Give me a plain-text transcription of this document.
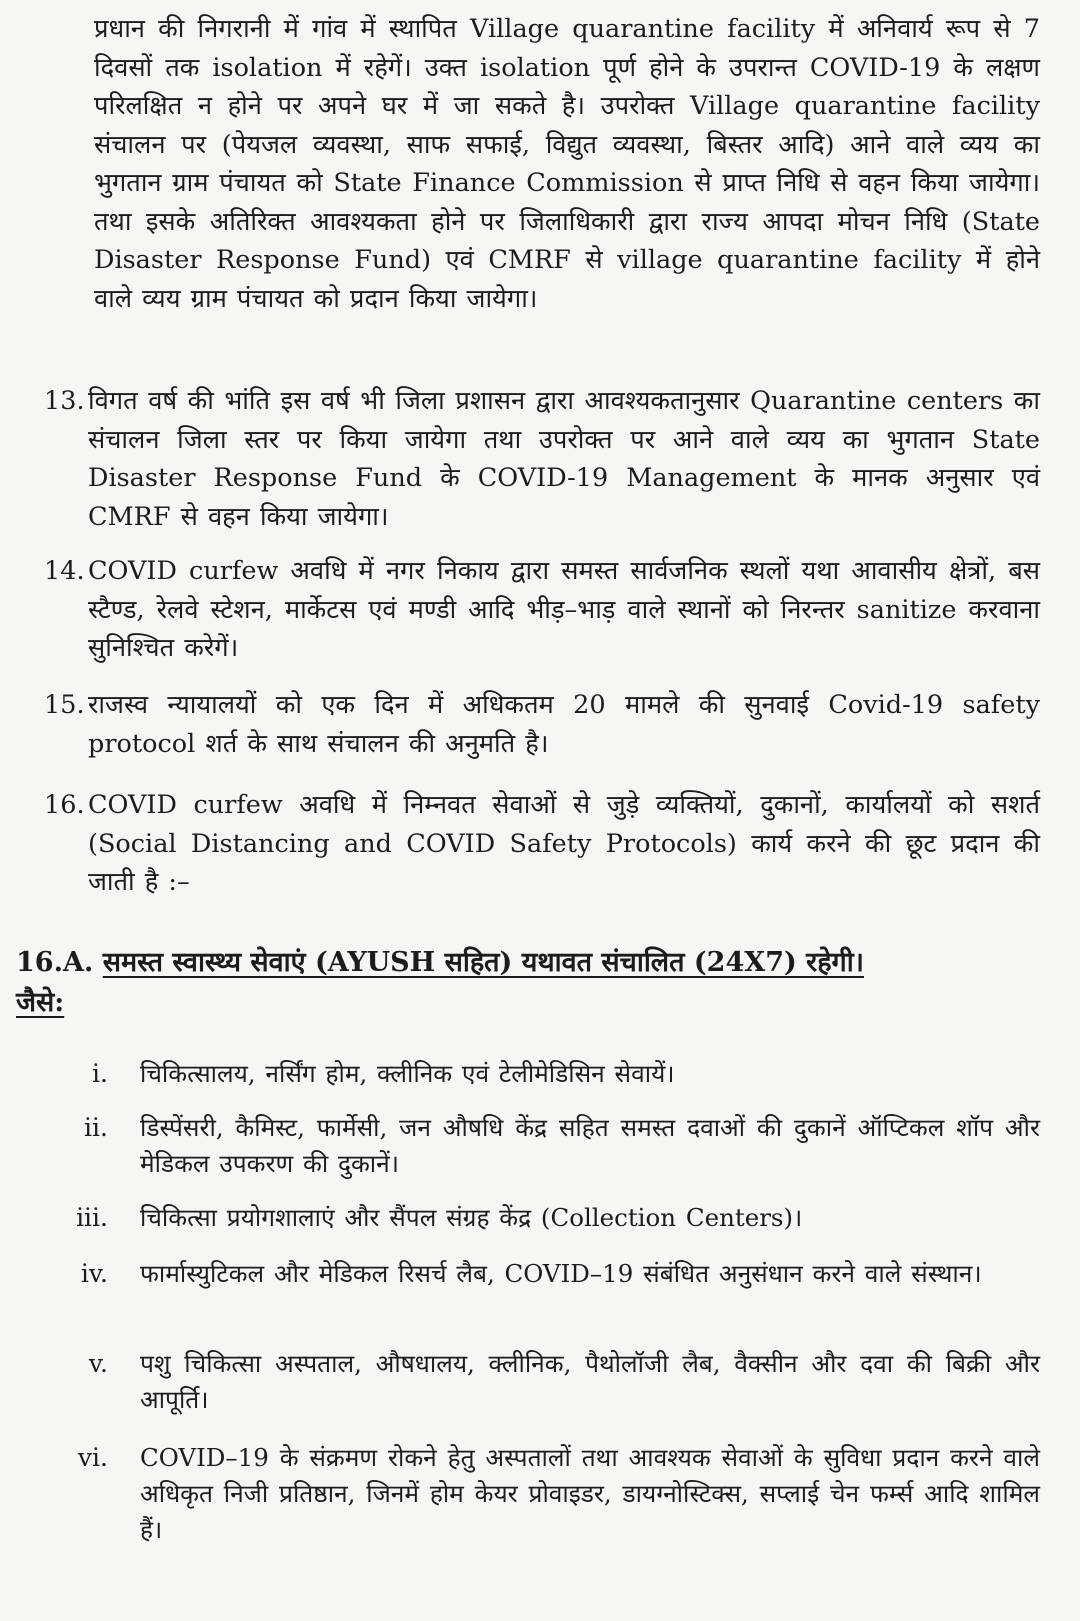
प्रधान की निगरानी में गांव में स्थापित Village quarantine facility में अनिवार्य रूप से 7 दिवसों तक isolation में रहेगें। उक्त isolation पूर्ण होने के उपरान्त COVID-19 के लक्षण परिलक्षित न होने पर अपने घर में जा सकते है। उपरोक्त Village quarantine facility संचालन पर (पेयजल व्यवस्था, साफ सफाई, विद्युत व्यवस्था, बिस्तर आदि) आने वाले व्यय का भुगतान ग्राम पंचायत को State Finance Commission से प्राप्त निधि से वहन किया जायेगा। तथा इसके अतिरिक्त आवश्यकता होने पर जिलाधिकारी द्वारा राज्य आपदा मोचन निधि (State Disaster Response Fund) एवं CMRF से village quarantine facility में होने वाले व्यय ग्राम पंचायत को प्रदान किया जायेगा।

13. विगत वर्ष की भांति इस वर्ष भी जिला प्रशासन द्वारा आवश्यकतानुसार Quarantine centers का संचालन जिला स्तर पर किया जायेगा तथा उपरोक्त पर आने वाले व्यय का भुगतान State Disaster Response Fund के COVID-19 Management के मानक अनुसार एवं CMRF से वहन किया जायेगा।

14. COVID curfew अवधि में नगर निकाय द्वारा समस्त सार्वजनिक स्थलों यथा आवासीय क्षेत्रों, बस स्टैण्ड, रेलवे स्टेशन, मार्केटस एवं मण्डी आदि भीड़–भाड़ वाले स्थानों को निरन्तर sanitize करवाना सुनिश्चित करेगें।

15. राजस्व न्यायालयों को एक दिन में अधिकतम 20 मामले की सुनवाई Covid-19 safety protocol शर्त के साथ संचालन की अनुमति है।

16. COVID curfew अवधि में निम्नवत सेवाओं से जुड़े व्यक्तियों, दुकानों, कार्यालयों को सशर्त (Social Distancing and COVID Safety Protocols) कार्य करने की छूट प्रदान की जाती है :–

16.A. समस्त स्वास्थ्य सेवाएं (AYUSH सहित) यथावत संचालित (24X7) रहेगी।
जैसे:
i. चिकित्सालय, नर्सिंग होम, क्लीनिक एवं टेलीमेडिसिन सेवायें।

ii. डिस्पेंसरी, कैमिस्ट, फार्मेसी, जन औषधि केंद्र सहित समस्त दवाओं की दुकानें ऑप्टिकल शॉप और मेडिकल उपकरण की दुकानें।

iii. चिकित्सा प्रयोगशालाएं और सैंपल संग्रह केंद्र (Collection Centers)।

iv. फार्मास्युटिकल और मेडिकल रिसर्च लैब, COVID–19 संबंधित अनुसंधान करने वाले संस्थान।

v. पशु चिकित्सा अस्पताल, औषधालय, क्लीनिक, पैथोलॉजी लैब, वैक्सीन और दवा की बिक्री और आपूर्ति।

vi. COVID–19 के संक्रमण रोकने हेतु अस्पतालों तथा आवश्यक सेवाओं के सुविधा प्रदान करने वाले अधिकृत निजी प्रतिष्ठान, जिनमें होम केयर प्रोवाइडर, डायग्नोस्टिक्स, सप्लाई चेन फर्म्स आदि शामिल हैं।
